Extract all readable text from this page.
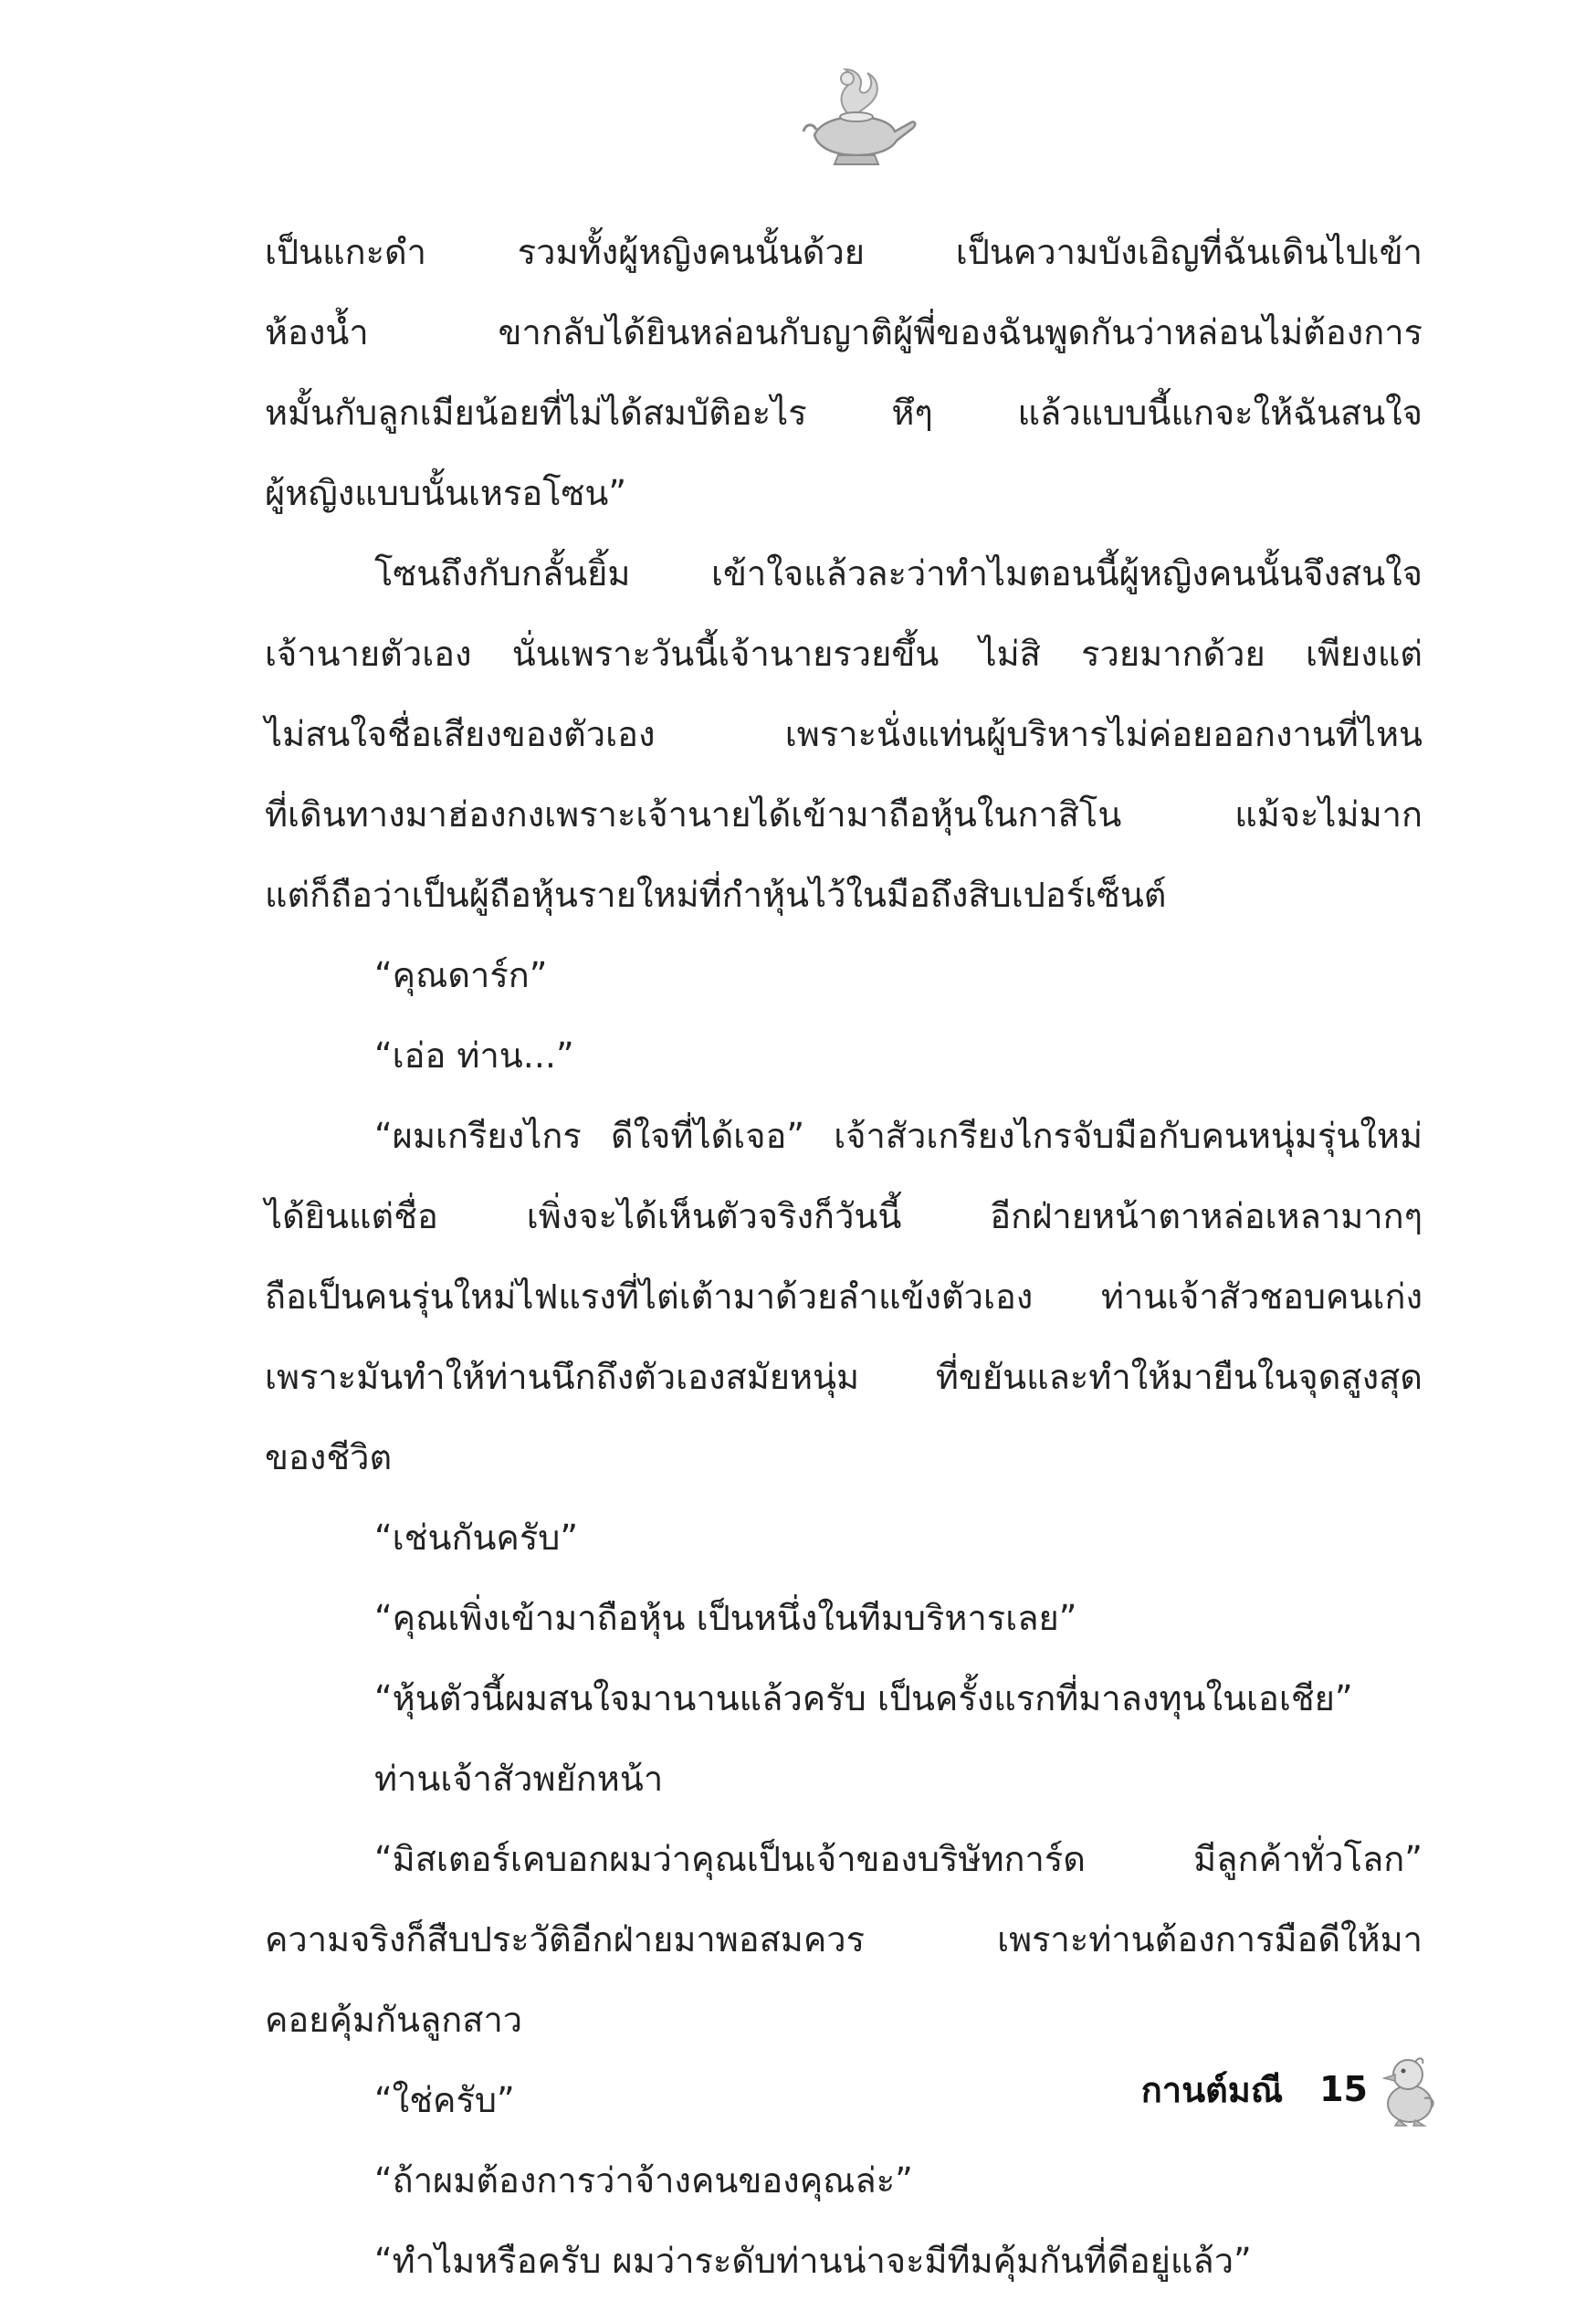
เป็นแกะดำ รวมทั้งผู้หญิงคนนั้นด้วย เป็นความบังเอิญที่ฉันเดินไปเข้า
ห้องน้ำ ขากลับได้ยินหล่อนกับญาติผู้พี่ของฉันพูดกันว่าหล่อนไม่ต้องการ
หมั้นกับลูกเมียน้อยที่ไม่ได้สมบัติอะไร หึๆ แล้วแบบนี้แกจะให้ฉันสนใจ
ผู้หญิงแบบนั้นเหรอโซน”
โซนถึงกับกลั้นยิ้ม เข้าใจแล้วละว่าทำไมตอนนี้ผู้หญิงคนนั้นจึงสนใจ
เจ้านายตัวเอง นั่นเพราะวันนี้เจ้านายรวยขึ้น ไม่สิ รวยมากด้วย เพียงแต่
ไม่สนใจชื่อเสียงของตัวเอง เพราะนั่งแท่นผู้บริหารไม่ค่อยออกงานที่ไหน
ที่เดินทางมาฮ่องกงเพราะเจ้านายได้เข้ามาถือหุ้นในกาสิโน แม้จะไม่มาก
แต่ก็ถือว่าเป็นผู้ถือหุ้นรายใหม่ที่กำหุ้นไว้ในมือถึงสิบเปอร์เซ็นต์
“คุณดาร์ก”
“เอ่อ ท่าน...”
“ผมเกรียงไกร ดีใจที่ได้เจอ” เจ้าสัวเกรียงไกรจับมือกับคนหนุ่มรุ่นใหม่
ได้ยินแต่ชื่อ เพิ่งจะได้เห็นตัวจริงก็วันนี้ อีกฝ่ายหน้าตาหล่อเหลามากๆ
ถือเป็นคนรุ่นใหม่ไฟแรงที่ไต่เต้ามาด้วยลำแข้งตัวเอง ท่านเจ้าสัวชอบคนเก่ง
เพราะมันทำให้ท่านนึกถึงตัวเองสมัยหนุ่ม ที่ขยันและทำให้มายืนในจุดสูงสุด
ของชีวิต
“เช่นกันครับ”
“คุณเพิ่งเข้ามาถือหุ้น เป็นหนึ่งในทีมบริหารเลย”
“หุ้นตัวนี้ผมสนใจมานานแล้วครับ เป็นครั้งแรกที่มาลงทุนในเอเชีย”
ท่านเจ้าสัวพยักหน้า
“มิสเตอร์เคบอกผมว่าคุณเป็นเจ้าของบริษัทการ์ด มีลูกค้าทั่วโลก”
ความจริงก็สืบประวัติอีกฝ่ายมาพอสมควร เพราะท่านต้องการมือดีให้มา
คอยคุ้มกันลูกสาว
“ใช่ครับ”
“ถ้าผมต้องการว่าจ้างคนของคุณล่ะ”
“ทำไมหรือครับ ผมว่าระดับท่านน่าจะมีทีมคุ้มกันที่ดีอยู่แล้ว”
กานต์มณี 15
